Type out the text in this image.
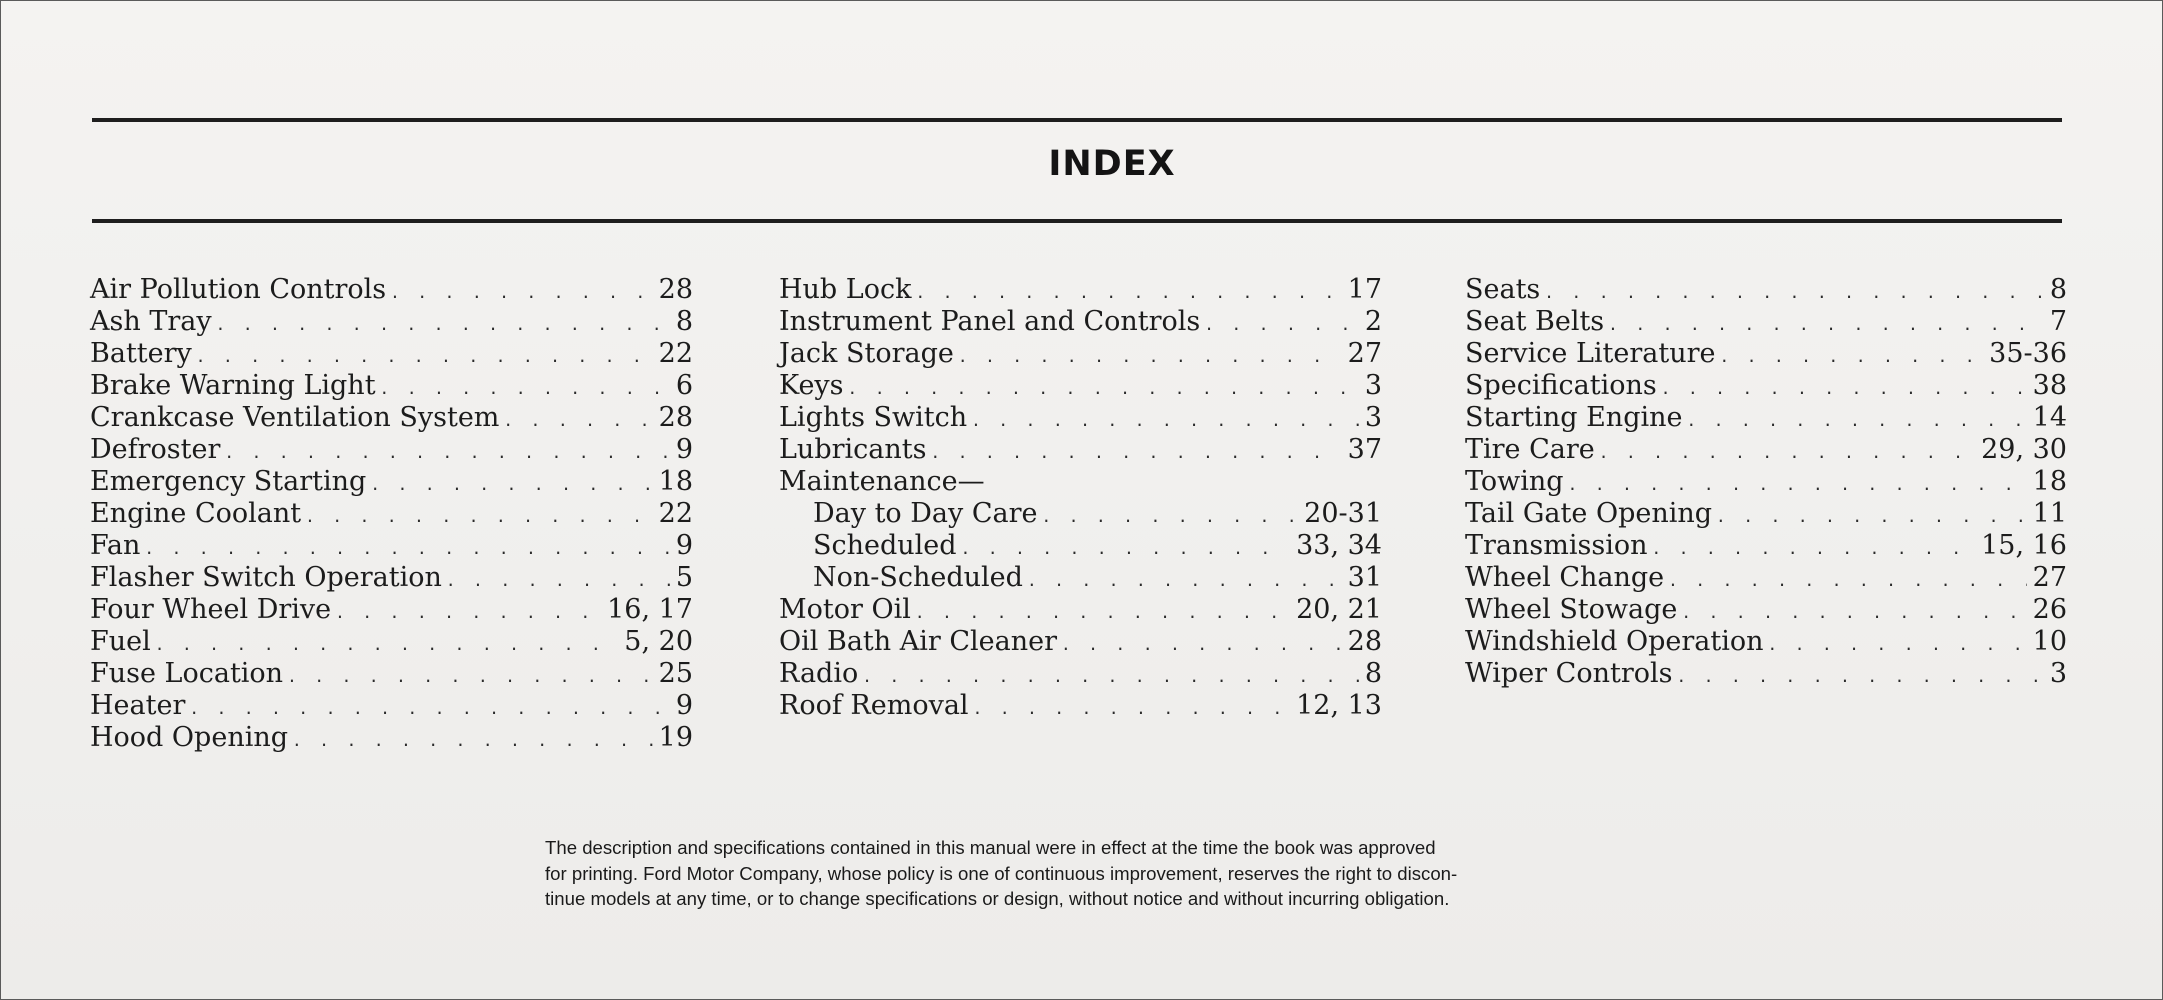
INDEX
Air Pollution Controls . . .	28
Ash Tray . . .	8
Battery . . .	22
Brake Warning Light . . .	6
Crankcase Ventilation System . . .	28
Defroster . . .	9
Emergency Starting . . .	18
Engine Coolant . . .	22
Fan . . .	9
Flasher Switch Operation . . .	5
Four Wheel Drive . . .	16, 17
Fuel . . .	5, 20
Fuse Location . . .	25
Heater . . .	9
Hood Opening . . .	19
Hub Lock . . .	17
Instrument Panel and Controls . . .	2
Jack Storage . . .	27
Keys . . .	3
Lights Switch . . .	3
Lubricants . . .	37
Maintenance—
Day to Day Care . . .	20-31
Scheduled . . .	33, 34
Non-Scheduled . . .	31
Motor Oil . . .	20, 21
Oil Bath Air Cleaner . . .	28
Radio . . .	8
Roof Removal . . .	12, 13
Seats . . .	8
Seat Belts . . .	7
Service Literature . . .	35-36
Specifications . . .	38
Starting Engine . . .	14
Tire Care . . .	29, 30
Towing . . .	18
Tail Gate Opening . . .	11
Transmission . . .	15, 16
Wheel Change . . .	27
Wheel Stowage . . .	26
Windshield Operation . . .	10
Wiper Controls . . .	3
The description and specifications contained in this manual were in effect at the time the book was approved
for printing. Ford Motor Company, whose policy is one of continuous improvement, reserves the right to discon-
tinue models at any time, or to change specifications or design, without notice and without incurring obligation.
